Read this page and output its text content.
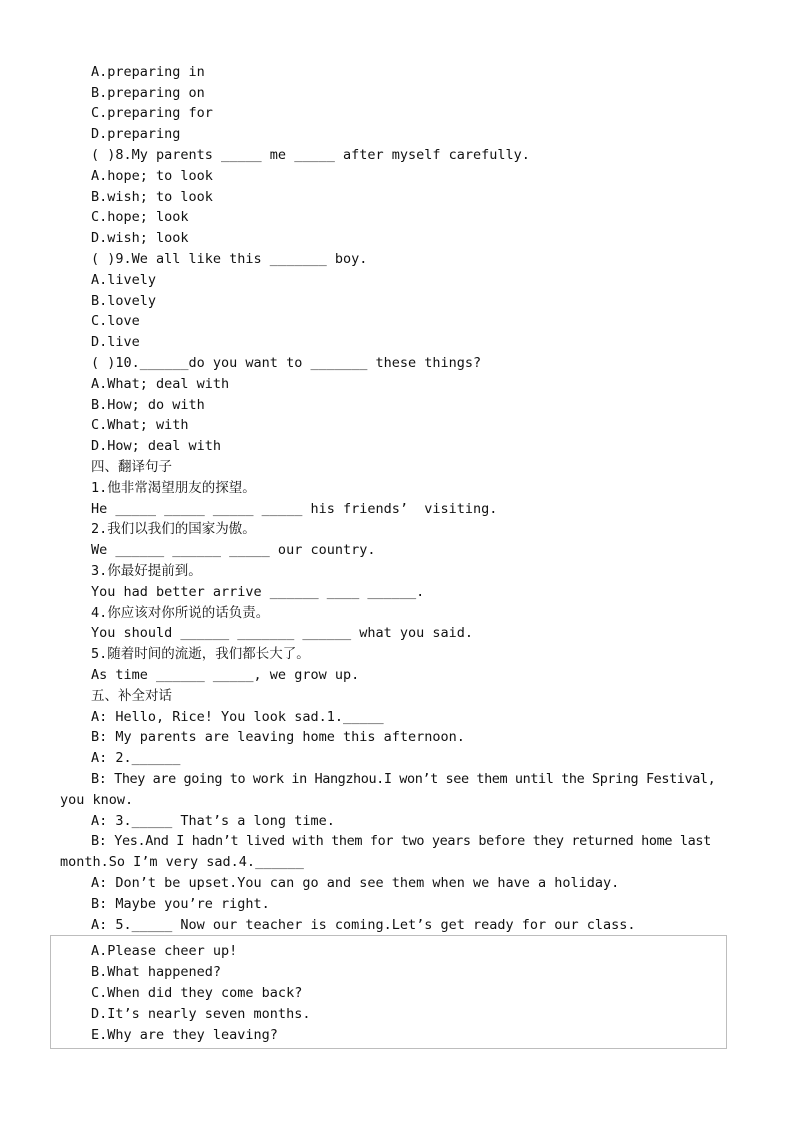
A.preparing in
B.preparing on
C.preparing for
D.preparing
( )8.My parents _____ me _____ after myself carefully.
A.hope; to look
B.wish; to look
C.hope; look
D.wish; look
( )9.We all like this _______ boy.
A.lively
B.lovely
C.love
D.live
( )10.______do you want to _______ these things?
A.What; deal with
B.How; do with
C.What; with
D.How; deal with
四、翻译句子
1.他非常渴望朋友的探望。
He _____ _____ _____ _____ his friends’  visiting.
2.我们以我们的国家为傲。
We ______ ______ _____ our country.
3.你最好提前到。
You had better arrive ______ ____ ______.
4.你应该对你所说的话负责。
You should ______ _______ ______ what you said.
5.随着时间的流逝，我们都长大了。
As time ______ _____, we grow up.
五、补全对话
A: Hello, Rice! You look sad.1._____
B: My parents are leaving home this afternoon.
A: 2.______
B: They are going to work in Hangzhou.I won’t see them until the Spring Festival,
you know.
A: 3._____ That’s a long time.
B: Yes.And I hadn’t lived with them for two years before they returned home last
month.So I’m very sad.4.______
A: Don’t be upset.You can go and see them when we have a holiday.
B: Maybe you’re right.
A: 5._____ Now our teacher is coming.Let’s get ready for our class.
A.Please cheer up!
B.What happened?
C.When did they come back?
D.It’s nearly seven months.
E.Why are they leaving?
